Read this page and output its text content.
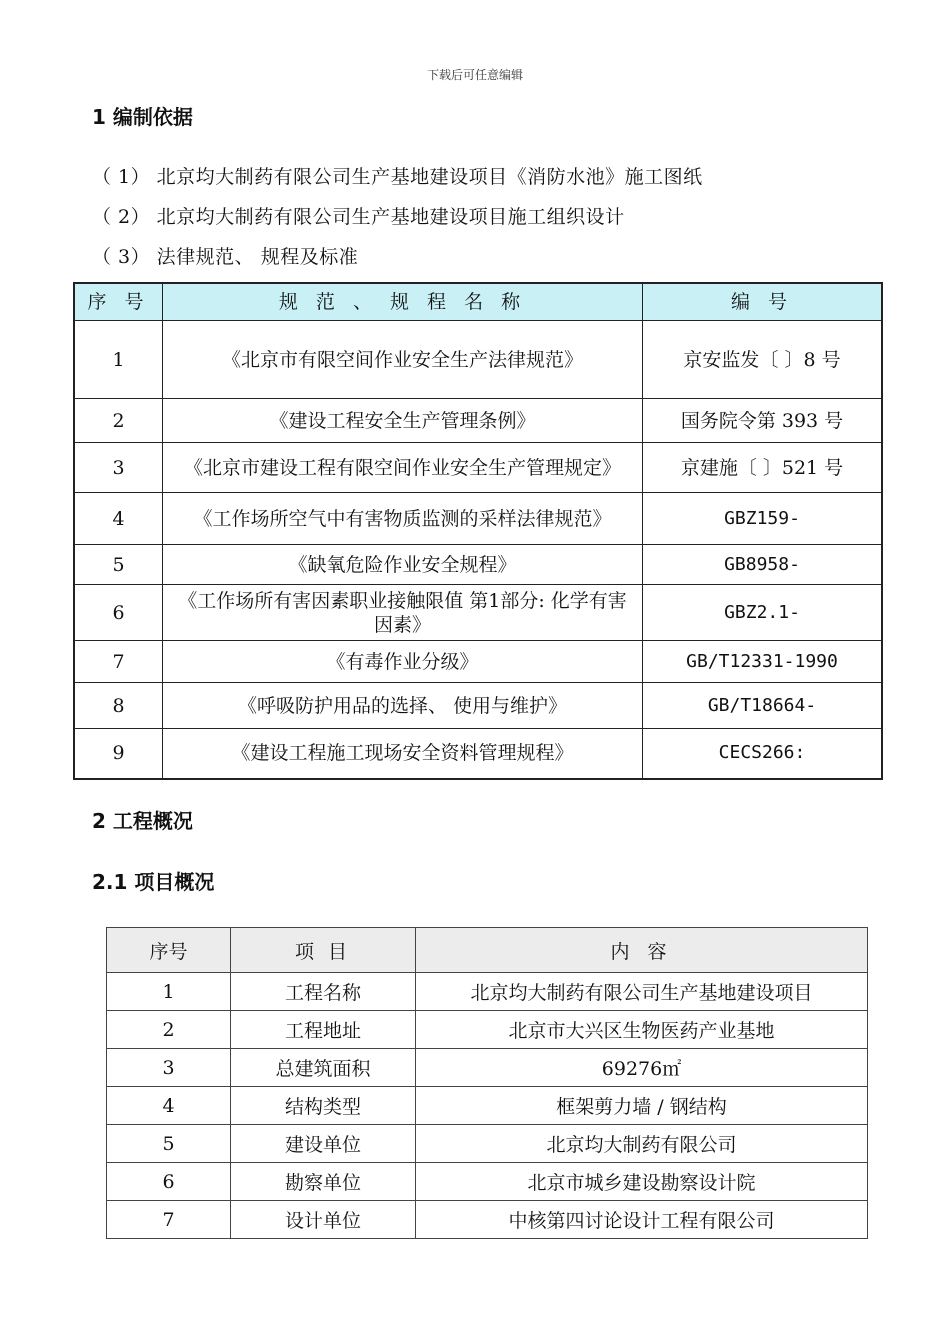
下载后可任意编辑
1 编制依据
（ 1） 北京均大制药有限公司生产基地建设项目《消防水池》施工图纸
（ 2） 北京均大制药有限公司生产基地建设项目施工组织设计
（ 3） 法律规范、 规程及标准
序 号	规 范 、 规 程 名 称	编 号
1	《北京市有限空间作业安全生产法律规范》	京安监发〔 〕8 号
2	《建设工程安全生产管理条例》	国务院令第 393 号
3	《北京市建设工程有限空间作业安全生产管理规定》	京建施〔 〕521 号
4	《工作场所空气中有害物质监测的采样法律规范》	GBZ159-
5	《缺氧危险作业安全规程》	GB8958-
6	《工作场所有害因素职业接触限值 第1部分: 化学有害因素》	GBZ2.1-
7	《有毒作业分级》	GB/T12331-1990
8	《呼吸防护用品的选择、 使用与维护》	GB/T18664-
9	《建设工程施工现场安全资料管理规程》	CECS266:
2 工程概况
2.1 项目概况
序号	项 目	内 容
1	工程名称	北京均大制药有限公司生产基地建设项目
2	工程地址	北京市大兴区生物医药产业基地
3	总建筑面积	69276㎡
4	结构类型	框架剪力墙 / 钢结构
5	建设单位	北京均大制药有限公司
6	勘察单位	北京市城乡建设勘察设计院
7	设计单位	中核第四讨论设计工程有限公司
